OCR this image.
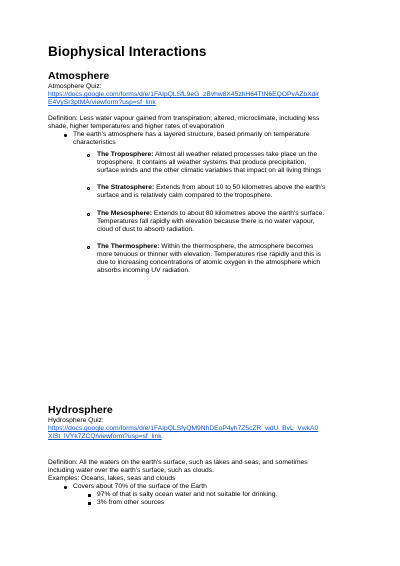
Biophysical Interactions
Atmosphere
Atmosphere Quiz:
https://docs.google.com/forms/d/e/1FAIpQLSfL9eG_zBvhw8X45zhH64TtN6EQOPvAZbXdir
E4VySr3ptMA/viewform?usp=sf_link
Definition: Less water vapour gained from transpiration; altered, microclimate, including less
shade, higher temperatures and higher rates of evaporation
The earth's atmosphere has a layered structure, based primarily on temperature
characteristics
The Troposphere: Almost all weather related processes take place un the
troposphere. It contains all weather systems that produce precipitation,
surface winds and the other climatic variables that impact on all living things
The Stratosphere: Extends from about 10 to 50 kilometres above the earth's
surface and is relatively calm compared to the troposphere.
The Mesosphere: Extends to about 80 kilometres above the earth's surface.
Temperatures fall rapidly with elevation because there is no water vapour,
cloud of dust to absorb radiation.
The Thermosphere: Within the thermosphere, the atmosphere becomes
more tenuous or thinner with elevation. Temperatures rise rapidly and this is
due to increasing concentrations of atomic oxygen in the atmosphere which
absorbs incoming UV radiation.
Hydrosphere
Hydrosphere Quiz:
https://docs.google.com/forms/d/e/1FAIpQLSfyQM9NhDEoP4yh7Z5cZR_wdU_BvL_VwkA0
XlSt_lVYk7ZCQ/viewform?usp=sf_link
Definition: All the waters on the earth's surface, such as lakes and seas, and sometimes
including water over the earth's surface, such as clouds.
Examples: Oceans, lakes, seas and clouds
Covers about 70% of the surface of the Earth
97% of that is salty ocean water and not suitable for drinking.
3% from other sources
